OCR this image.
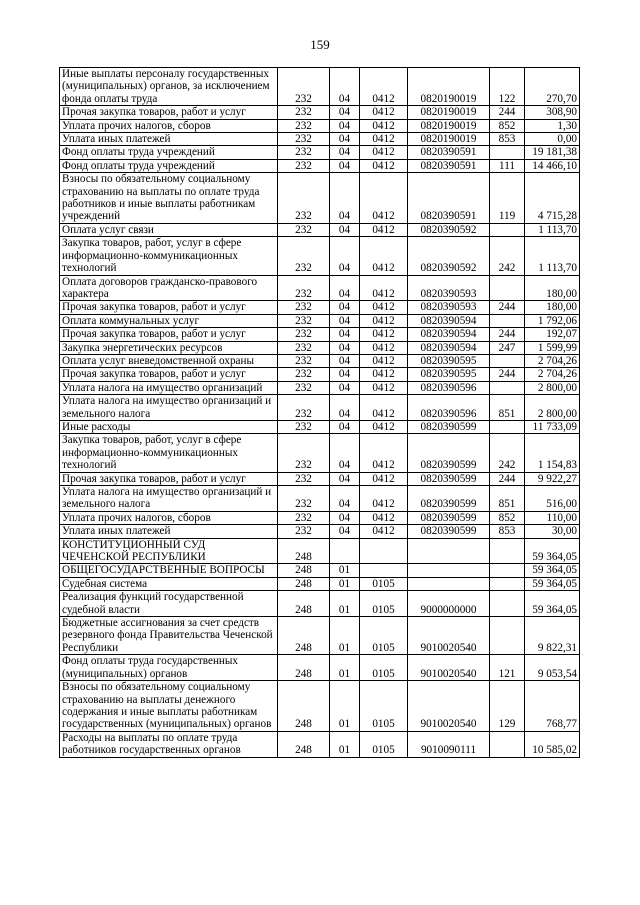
159
Иные выплаты персоналу государственных (муниципальных) органов, за исключением фонда оплаты труда	232	04	0412	0820190019	122	270,70
Прочая закупка товаров, работ и услуг	232	04	0412	0820190019	244	308,90
Уплата прочих налогов, сборов	232	04	0412	0820190019	852	1,30
Уплата иных платежей	232	04	0412	0820190019	853	0,00
Фонд оплаты труда учреждений	232	04	0412	0820390591		19 181,38
Фонд оплаты труда учреждений	232	04	0412	0820390591	111	14 466,10
Взносы по обязательному социальному страхованию на выплаты по оплате труда работников и иные выплаты работникам учреждений	232	04	0412	0820390591	119	4 715,28
Оплата услуг связи	232	04	0412	0820390592		1 113,70
Закупка товаров, работ, услуг в сфере информационно-коммуникационных технологий	232	04	0412	0820390592	242	1 113,70
Оплата договоров гражданско-правового характера	232	04	0412	0820390593		180,00
Прочая закупка товаров, работ и услуг	232	04	0412	0820390593	244	180,00
Оплата коммунальных услуг	232	04	0412	0820390594		1 792,06
Прочая закупка товаров, работ и услуг	232	04	0412	0820390594	244	192,07
Закупка энергетических ресурсов	232	04	0412	0820390594	247	1 599,99
Оплата услуг вневедомственной охраны	232	04	0412	0820390595		2 704,26
Прочая закупка товаров, работ и услуг	232	04	0412	0820390595	244	2 704,26
Уплата налога на имущество организаций	232	04	0412	0820390596		2 800,00
Уплата налога на имущество организаций и земельного налога	232	04	0412	0820390596	851	2 800,00
Иные расходы	232	04	0412	0820390599		11 733,09
Закупка товаров, работ, услуг в сфере информационно-коммуникационных технологий	232	04	0412	0820390599	242	1 154,83
Прочая закупка товаров, работ и услуг	232	04	0412	0820390599	244	9 922,27
Уплата налога на имущество организаций и земельного налога	232	04	0412	0820390599	851	516,00
Уплата прочих налогов, сборов	232	04	0412	0820390599	852	110,00
Уплата иных платежей	232	04	0412	0820390599	853	30,00
КОНСТИТУЦИОННЫЙ СУД ЧЕЧЕНСКОЙ РЕСПУБЛИКИ	248					59 364,05
ОБЩЕГОСУДАРСТВЕННЫЕ ВОПРОСЫ	248	01				59 364,05
Судебная система	248	01	0105			59 364,05
Реализация функций государственной судебной власти	248	01	0105	9000000000		59 364,05
Бюджетные ассигнования за счет средств резервного фонда Правительства Чеченской Республики	248	01	0105	9010020540		9 822,31
Фонд оплаты труда государственных (муниципальных) органов	248	01	0105	9010020540	121	9 053,54
Взносы по обязательному социальному страхованию на выплаты денежного содержания и иные выплаты работникам государственных (муниципальных) органов	248	01	0105	9010020540	129	768,77
Расходы на выплаты по оплате труда работников государственных органов	248	01	0105	9010090111		10 585,02
